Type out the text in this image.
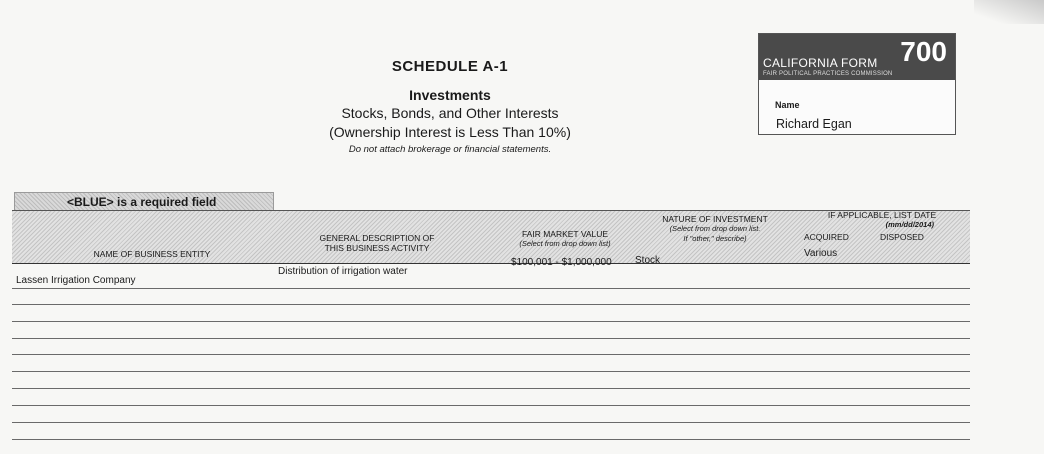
SCHEDULE A-1
Investments
Stocks, Bonds, and Other Interests
(Ownership Interest is Less Than 10%)
Do not attach brokerage or financial statements.
CALIFORNIA FORM 700
FAIR POLITICAL PRACTICES COMMISSION
Name
Richard Egan
<BLUE> is a required field
NAME OF BUSINESS ENTITY
GENERAL DESCRIPTION OF
THIS BUSINESS ACTIVITY
FAIR MARKET VALUE
(Select from drop down list)
NATURE OF INVESTMENT
(Select from drop down list.
If "other," describe)
IF APPLICABLE, LIST DATE
(mm/dd/2014)
ACQUIRED	DISPOSED
Distribution of irrigation water
$100,001 - $1,000,000 Stock
Various
Lassen Irrigation Company
